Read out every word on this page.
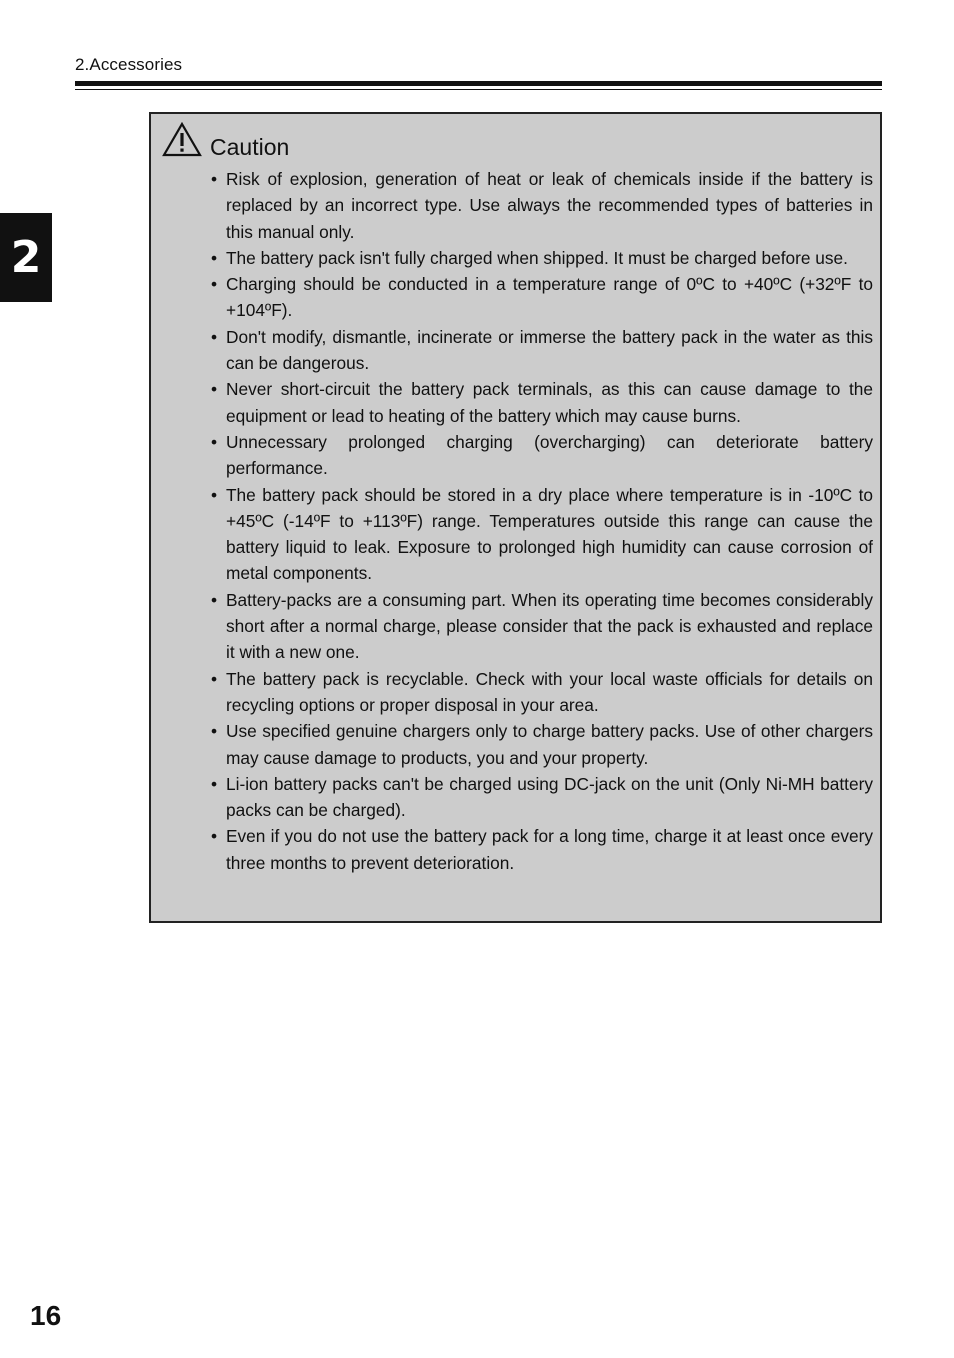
2.Accessories
2
Caution
• Risk of explosion, generation of heat or leak of chemicals inside if the battery is replaced by an incorrect type. Use always the recommended types of batteries in this manual only.
• The battery pack isn't fully charged when shipped. It must be charged before use.
• Charging should be conducted in a temperature range of 0ºC to +40ºC (+32ºF to +104ºF).
• Don't modify, dismantle, incinerate or immerse the battery pack in the water as this can be dangerous.
• Never short-circuit the battery pack terminals, as this can cause damage to the equipment or lead to heating of the battery which may cause burns.
• Unnecessary prolonged charging (overcharging) can deteriorate battery performance.
• The battery pack should be stored in a dry place where temperature is in -10ºC to +45ºC (-14ºF to +113ºF) range. Temperatures outside this range can cause the battery liquid to leak. Exposure to prolonged high humidity can cause corrosion of metal components.
• Battery-packs are a consuming part. When its operating time becomes considerably short after a normal charge, please consider that the pack is exhausted and replace it with a new one.
• The battery pack is recyclable. Check with your local waste officials for details on recycling options or proper disposal in your area.
• Use specified genuine chargers only to charge battery packs. Use of other chargers may cause damage to products, you and your property.
• Li-ion battery packs can't be charged using DC-jack on the unit (Only Ni-MH battery packs can be charged).
• Even if you do not use the battery pack for a long time, charge it at least once every three months to prevent deterioration.
16
